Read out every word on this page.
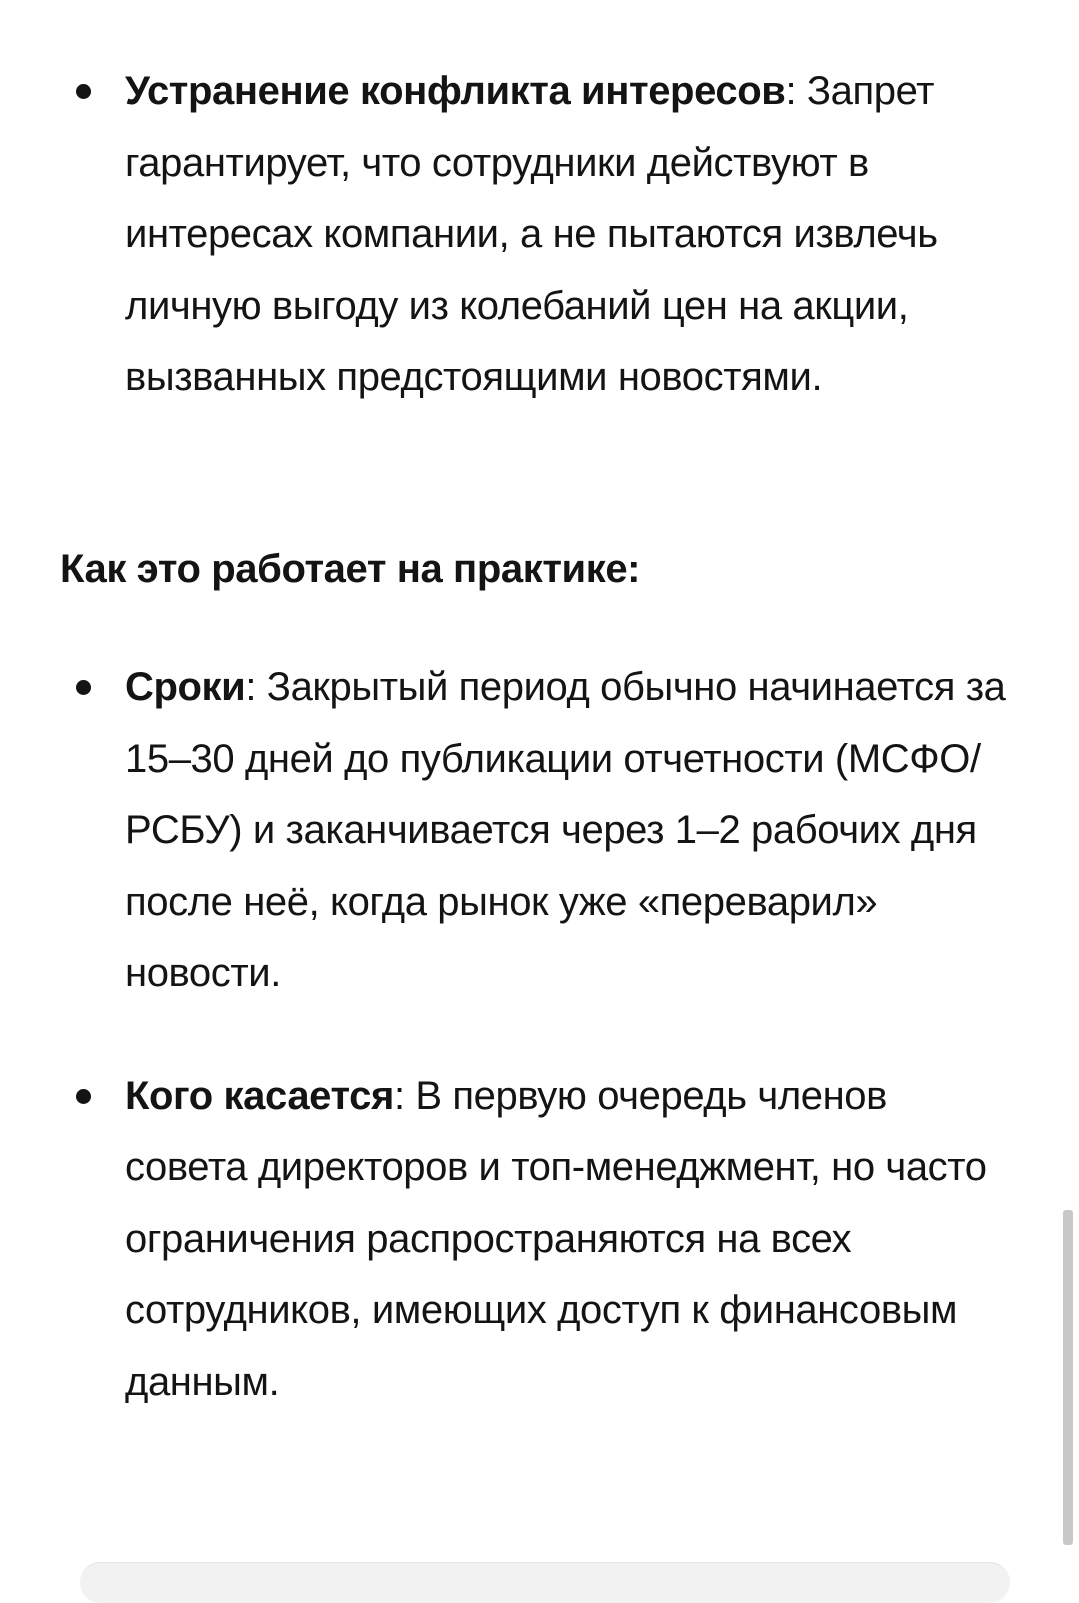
Устранение конфликта интересов: Запрет гарантирует, что сотрудники действуют в интересах компании, а не пытаются извлечь личную выгоду из колебаний цен на акции, вызванных предстоящими новостями.
Как это работает на практике:
Сроки: Закрытый период обычно начинается за 15–30 дней до публикации отчетности (МСФО/РСБУ) и заканчивается через 1–2 рабочих дня после неё, когда рынок уже «переварил» новости.
Кого касается: В первую очередь членов совета директоров и топ-менеджмент, но часто ограничения распространяются на всех сотрудников, имеющих доступ к финансовым данным.
